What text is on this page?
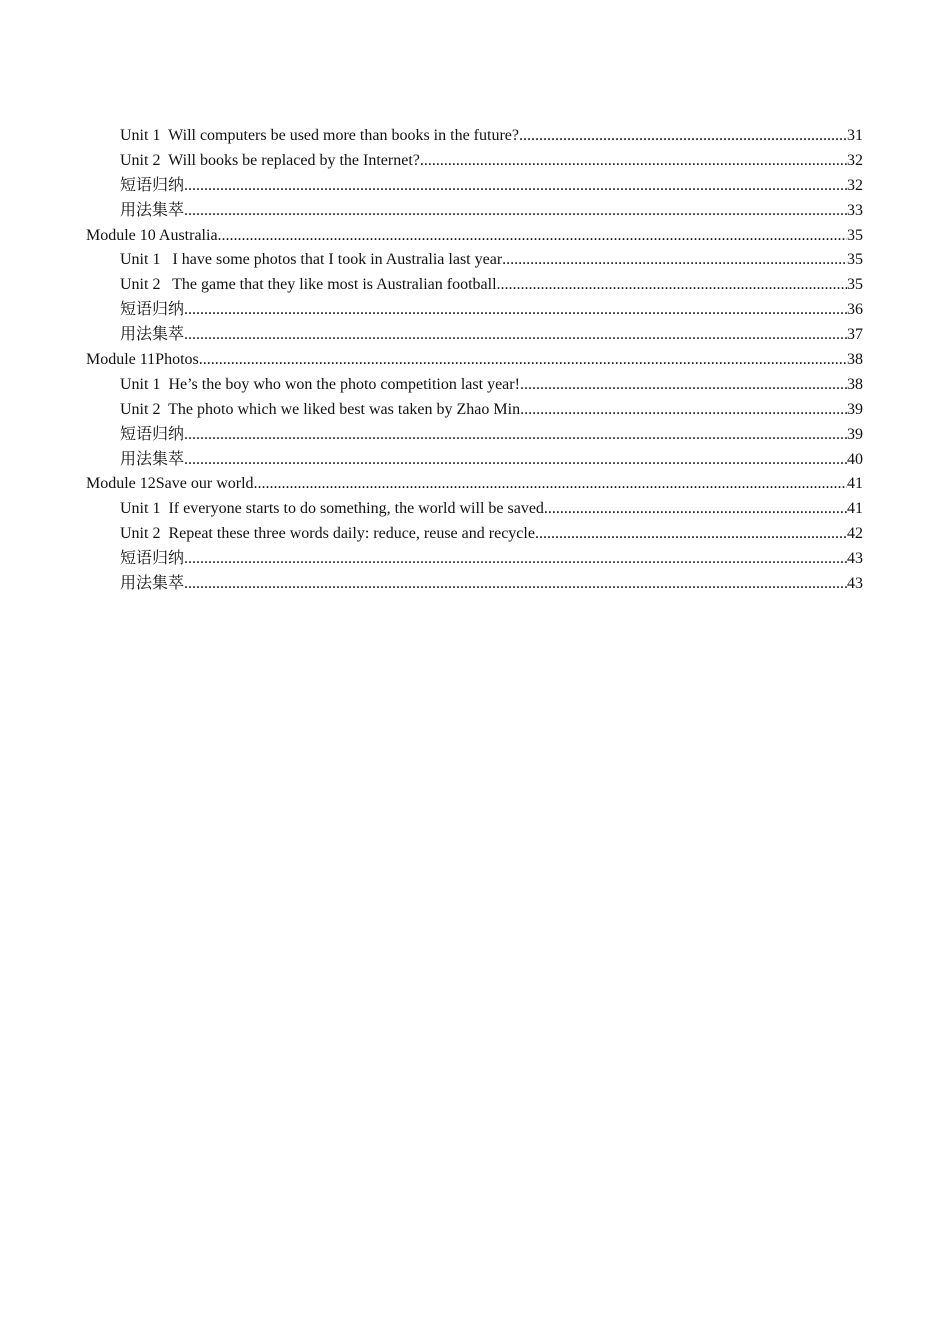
Unit 1  Will computers be used more than books in the future? .....	31
Unit 2  Will books be replaced by the Internet? .....	32
短语归纳 .....	32
用法集萃 .....	33
Module 10 Australia .....	35
Unit 1   I have some photos that I took in Australia last year .....	35
Unit 2   The game that they like most is Australian football .....	35
短语归纳 .....	36
用法集萃 .....	37
Module 11Photos .....	38
Unit 1  He’s the boy who won the photo competition last year! .....	38
Unit 2  The photo which we liked best was taken by Zhao Min .....	39
短语归纳 .....	39
用法集萃 .....	40
Module 12Save our world .....	41
Unit 1  If everyone starts to do something, the world will be saved .....	41
Unit 2  Repeat these three words daily: reduce, reuse and recycle .....	42
短语归纳 .....	43
用法集萃 .....	43
